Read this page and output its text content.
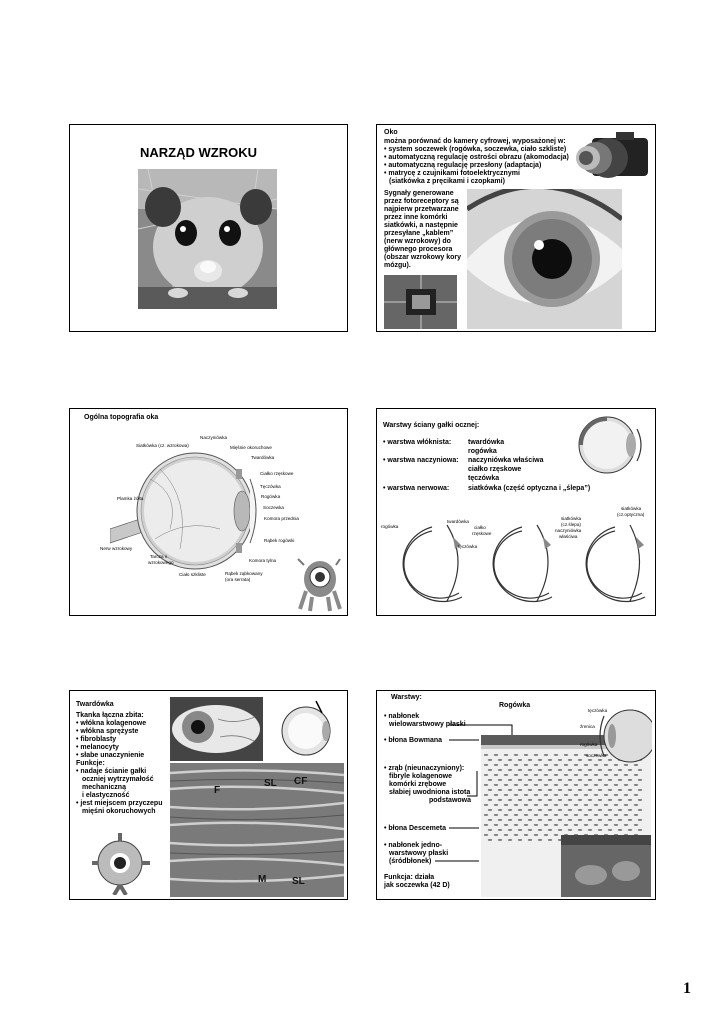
NARZĄD WZROKU
Oko
można porównać do kamery cyfrowej, wyposażonej w:
• system soczewek (rogówka, soczewka, ciało szkliste)
• automatyczną regulację ostrości obrazu (akomodacja)
• automatyczną regulację przesłony (adaptacja)
• matrycę z czujnikami fotoelektrycznymi
(siatkówka z pręcikami i czopkami)
Sygnały generowane
przez fotoreceptory są
najpierw przetwarzane
przez inne komórki
siatkówki, a następnie
przesyłane „kablem”
(nerw wzrokowy) do
głównego procesora
(obszar wzrokowy kory
mózgu).
Ogólna topografia oka
Naczyniówka
Siatkówka (cz. wzrokowa)	Mięśnie okoruchowe
Twardówka
Ciałko rzęskowe
Tęczówka
Rogówka
Plamka żółta
Soczewka
Komora przednia
Rąbek rogówki
Nerw wzrokowy
Tarcza n.
wzrokowego	Komora tylna
Ciało szkliste	Rąbek ząbkowany
(ora serrata)
Warstwy ściany gałki ocznej:
• warstwa włóknista: twardówka
rogówka
• warstwa naczyniowa: naczyniówka właściwa
ciałko rzęskowe
tęczówka
• warstwa nerwowa:	siatkówka (część optyczna i „ślepa”)
rogówka
twardówka
ciałko
rzęskowe
tęczówka
siatkówka
(cz.ślepa)
naczyniówka
właściwa
siatkówka
(cz.optyczna)
Twardówka
Tkanka łączna zbita:
• włókna kolagenowe
• włókna sprężyste
• fibroblasty
• melanocyty
• słabe unaczynienie
Funkcje:
• nadaje ścianie gałki
oczniej wytrzymałość
mechaniczną
i elastyczność
• jest miejscem przyczepu
mięśni okoruchowych
F
SL CF
M	SL
Warstwy:
Rogówka
• nabłonek
wielowarstwowy płaski
• błona Bowmana
• zrąb (nieunaczyniony):
fibryle kolagenowe
komórki zrębowe
słabiej uwodniona istota
podstawowa
• błona Descemeta
• nabłonek jedno-
warstwowy płaski
(śródbłonek)
Funkcja: działa
jak soczewka (42 D)
tęczówka
źrenica
rogówka
soczewka
1
